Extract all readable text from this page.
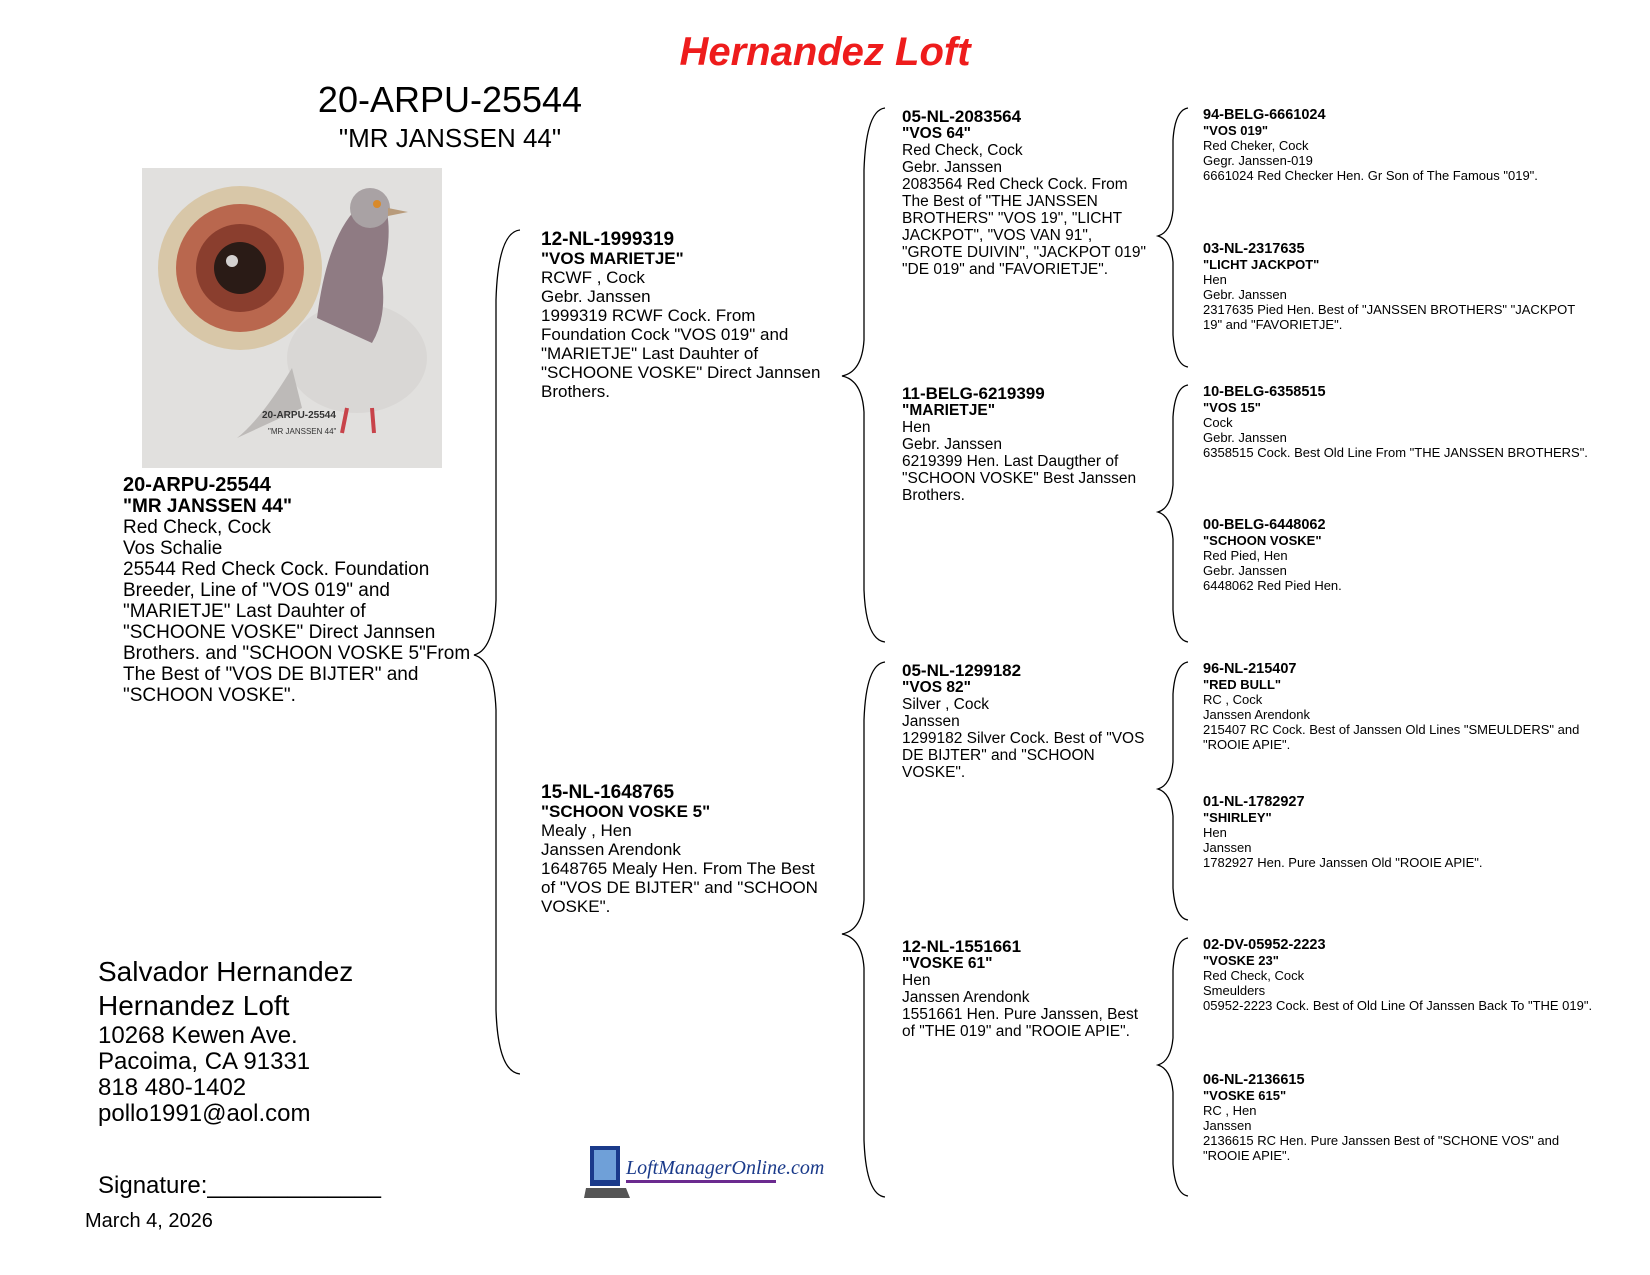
Hernandez Loft
20-ARPU-25544
"MR JANSSEN 44"
20-ARPU-25544
"MR JANSSEN 44"
20-ARPU-25544
"MR JANSSEN 44"
Red Check, Cock
Vos Schalie
25544 Red Check Cock. Foundation Breeder, Line of "VOS 019" and "MARIETJE" Last Dauhter of "SCHOONE VOSKE" Direct Jannsen Brothers. and "SCHOON VOSKE 5"From The Best of "VOS DE BIJTER" and "SCHOON VOSKE".
12-NL-1999319
"VOS MARIETJE"
RCWF , Cock
Gebr. Janssen
1999319 RCWF Cock. From Foundation Cock "VOS 019" and "MARIETJE" Last Dauhter of "SCHOONE VOSKE" Direct Jannsen Brothers.
15-NL-1648765
"SCHOON VOSKE 5"
Mealy , Hen
Janssen Arendonk
1648765 Mealy Hen. From The Best of "VOS DE BIJTER" and "SCHOON VOSKE".
05-NL-2083564
"VOS 64"
Red Check, Cock
Gebr. Janssen
2083564 Red Check Cock. From The Best of "THE JANSSEN BROTHERS" "VOS 19", "LICHT JACKPOT", "VOS VAN 91", "GROTE DUIVIN", "JACKPOT 019" "DE 019" and "FAVORIETJE".
11-BELG-6219399
"MARIETJE"
Hen
Gebr. Janssen
6219399 Hen. Last Daugther of "SCHOON VOSKE" Best Janssen Brothers.
05-NL-1299182
"VOS 82"
Silver , Cock
Janssen
1299182 Silver Cock. Best of "VOS DE BIJTER" and "SCHOON VOSKE".
12-NL-1551661
"VOSKE 61"
Hen
Janssen Arendonk
1551661 Hen. Pure Janssen, Best of "THE 019" and "ROOIE APIE".
94-BELG-6661024
"VOS 019"
Red Cheker, Cock
Gegr. Janssen-019
6661024 Red Checker Hen. Gr Son of The Famous "019".
03-NL-2317635
"LICHT JACKPOT"
Hen
Gebr. Janssen
2317635 Pied Hen. Best of "JANSSEN BROTHERS" "JACKPOT 19" and "FAVORIETJE".
10-BELG-6358515
"VOS 15"
Cock
Gebr. Janssen
6358515 Cock. Best Old Line From "THE JANSSEN BROTHERS".
00-BELG-6448062
"SCHOON VOSKE"
Red Pied, Hen
Gebr. Janssen
6448062 Red Pied Hen.
96-NL-215407
"RED BULL"
RC , Cock
Janssen Arendonk
215407 RC Cock. Best of Janssen Old Lines "SMEULDERS" and "ROOIE APIE".
01-NL-1782927
"SHIRLEY"
Hen
Janssen
1782927 Hen. Pure Janssen Old "ROOIE APIE".
02-DV-05952-2223
"VOSKE 23"
Red Check, Cock
Smeulders
05952-2223 Cock. Best of Old Line Of Janssen Back To "THE 019".
06-NL-2136615
"VOSKE 615"
RC , Hen
Janssen
2136615 RC Hen. Pure Janssen Best of "SCHONE VOS" and "ROOIE APIE".
Salvador Hernandez
Hernandez Loft
10268 Kewen Ave.
Pacoima, CA 91331
818 480-1402
pollo1991@aol.com
Signature:_____________
March 4, 2026
LoftManagerOnline.com
